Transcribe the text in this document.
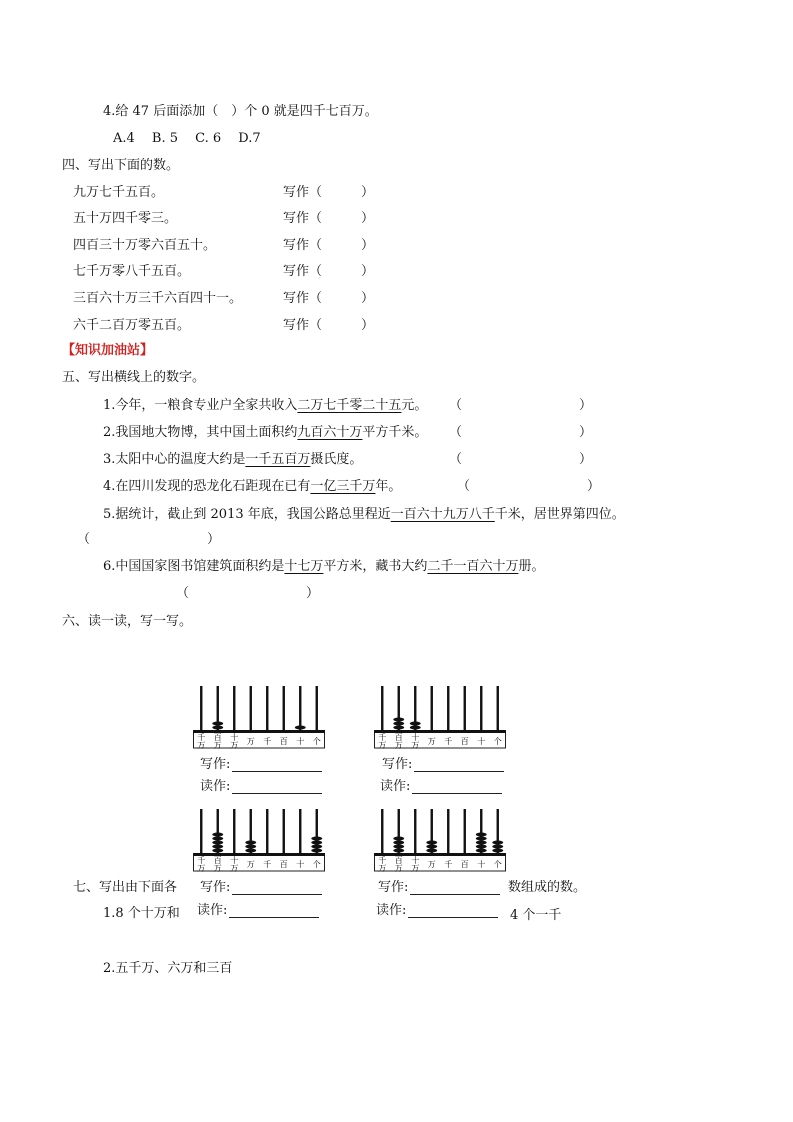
4.给 47 后面添加（　）个 0 就是四千七百万。
A.4　 B. 5 　C. 6 　D.7
四、写出下面的数。
九万七千五百。	写作（　　　）
五十万四千零三。	写作（　　　）
四百三十万零六百五十。	写作（　　　）
七千万零八千五百。	写作（　　　）
三百六十万三千六百四十一。	写作（　　　）
六千二百万零五百。	写作（　　　）
【知识加油站】
五、写出横线上的数字。
1.今年，一粮食专业户全家共收入二万七千零二十五元。 （　　　　　　　　　）
2.我国地大物博，其中国土面积约九百六十万平方千米。 （　　　　　　　　　）
3.太阳中心的温度大约是一千五百万摄氏度。	（　　　　　　　　　）
4.在四川发现的恐龙化石距现在已有一亿三千万年。	（　　　　　　　　　）
5.据统计，截止到 2013 年底，我国公路总里程近一百六十九万八千千米，居世界第四位。
（　　　　　　　　　）
6.中国国家图书馆建筑面积约是十七万平方米，藏书大约二千一百六十万册。
（　　　　　　　　　）
六、读一读，写一写。
千
万
百
万
十
万 万 千 百 十 个
写作:
读作:
千
万
百
万
十
万 万 千 百 十 个
写作:
读作:
千
万
百
万
十
万 万 千 百 十 个
写作:
读作:
千
万
百
万
十
万 万 千 百 十 个
写作:
读作:
七、写出由下面各	数组成的数。
1.8 个十万和	4 个一千
2.五千万、六万和三百
